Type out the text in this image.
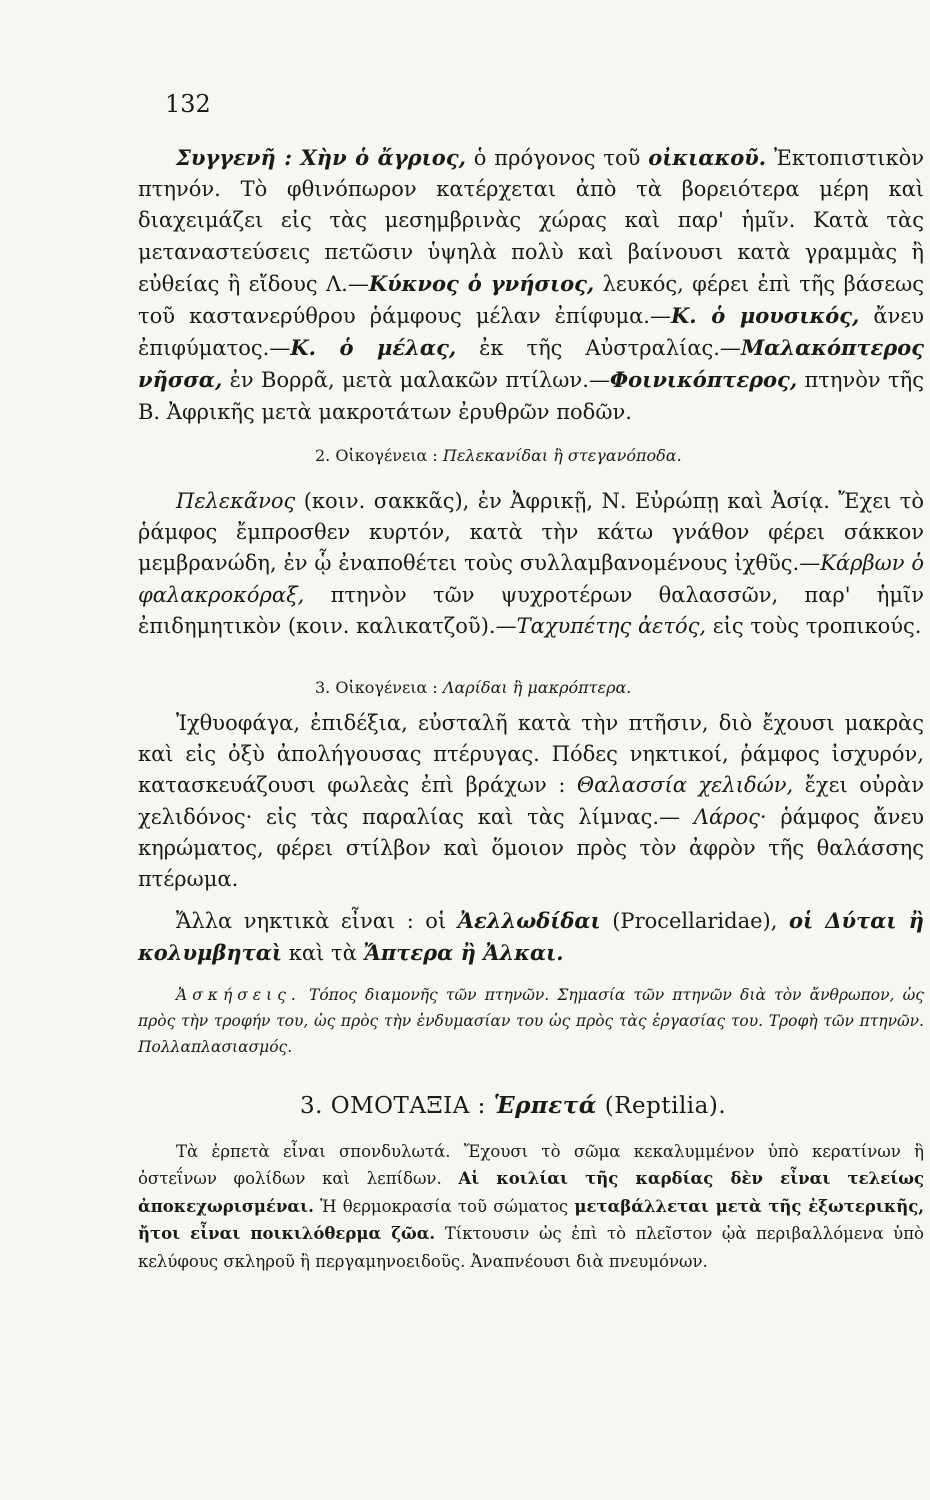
132

Συγγενῆ : Χὴν ὁ ἄγριος, ὁ πρόγονος τοῦ οἰκιακοῦ. Ἐκτοπιστικὸν πτηνόν. Τὸ φθινόπωρον κατέρχεται ἀπὸ τὰ βορειότερα μέρη καὶ διαχειμάζει εἰς τὰς μεσημβρινὰς χώρας καὶ παρ' ἡμῖν. Κατὰ τὰς μεταναστεύσεις πετῶσιν ὑψηλὰ πολὺ καὶ βαίνουσι κατὰ γραμμὰς ἢ εὐθείας ἢ εἴδους Λ.—Κύκνος ὁ γνήσιος, λευκός, φέρει ἐπὶ τῆς βάσεως τοῦ καστανερύθρου ῥάμφους μέλαν ἐπίφυμα.—Κ. ὁ μουσικός, ἄνευ ἐπιφύματος.—Κ. ὁ μέλας, ἐκ τῆς Αὐστραλίας.—Μαλακόπτερος νῆσσα, ἐν Βορρᾶ, μετὰ μαλακῶν πτίλων.—Φοινικόπτερος, πτηνὸν τῆς Β. Ἀφρικῆς μετὰ μακροτάτων ἐρυθρῶν ποδῶν.

2. Οἰκογένεια : Πελεκανίδαι ἢ στεγανόποδα.

Πελεκᾶνος (κοιν. σακκᾶς), ἐν Ἀφρικῇ, Ν. Εὐρώπῃ καὶ Ἀσίᾳ. Ἔχει τὸ ῥάμφος ἔμπροσθεν κυρτόν, κατὰ τὴν κάτω γνάθον φέρει σάκκον μεμβρανώδη, ἐν ᾧ ἐναποθέτει τοὺς συλλαμβανομένους ἰχθῦς.—Κάρβων ὁ φαλακροκόραξ, πτηνὸν τῶν ψυχροτέρων θαλασσῶν, παρ' ἡμῖν ἐπιδημητικὸν (κοιν. καλικατζοῦ).—Ταχυπέτης ἀετός, εἰς τοὺς τροπικούς.

3. Οἰκογένεια : Λαρίδαι ἢ μακρόπτερα.

Ἰχθυοφάγα, ἐπιδέξια, εὐσταλῆ κατὰ τὴν πτῆσιν, διὸ ἔχουσι μακρὰς καὶ εἰς ὀξὺ ἀπολήγουσας πτέρυγας. Πόδες νηκτικοί, ῥάμφος ἰσχυρόν, κατασκευάζουσι φωλεὰς ἐπὶ βράχων : Θαλασσία χελιδών, ἔχει οὐρὰν χελιδόνος· εἰς τὰς παραλίας καὶ τὰς λίμνας.— Λάρος· ῥάμφος ἄνευ κηρώματος, φέρει στίλβον καὶ ὅμοιον πρὸς τὸν ἀφρὸν τῆς θαλάσσης πτέρωμα.

Ἄλλα νηκτικὰ εἶναι : οἱ Ἀελλωδίδαι (Procellaridae), οἱ Δύται ἢ κολυμβηταὶ καὶ τὰ Ἄπτερα ἢ Ἀλκαι.

Ἀσκήσεις. Τόπος διαμονῆς τῶν πτηνῶν. Σημασία τῶν πτηνῶν διὰ τὸν ἄνθρωπον, ὡς πρὸς τὴν τροφήν του, ὡς πρὸς τὴν ἐνδυμασίαν του ὡς πρὸς τὰς ἐργασίας του. Τροφὴ τῶν πτηνῶν. Πολλαπλασιασμός.

3. ΟΜΟΤΑΞΙΑ : Ἑρπετά (Reptilia).

Τὰ ἑρπετὰ εἶναι σπονδυλωτά. Ἔχουσι τὸ σῶμα κεκαλυμμένον ὑπὸ κερατίνων ἢ ὀστεΐνων φολίδων καὶ λεπίδων. Αἱ κοιλίαι τῆς καρδίας δὲν εἶναι τελείως ἀποκεχωρισμέναι. Ἡ θερμοκρασία τοῦ σώματος μεταβάλλεται μετὰ τῆς ἐξωτερικῆς, ἤτοι εἶναι ποικιλόθερμα ζῶα. Τίκτουσιν ὡς ἐπὶ τὸ πλεῖστον ᾠὰ περιβαλλόμενα ὑπὸ κελύφους σκληροῦ ἢ περγαμηνοειδοῦς. Ἀναπνέουσι διὰ πνευμόνων.
